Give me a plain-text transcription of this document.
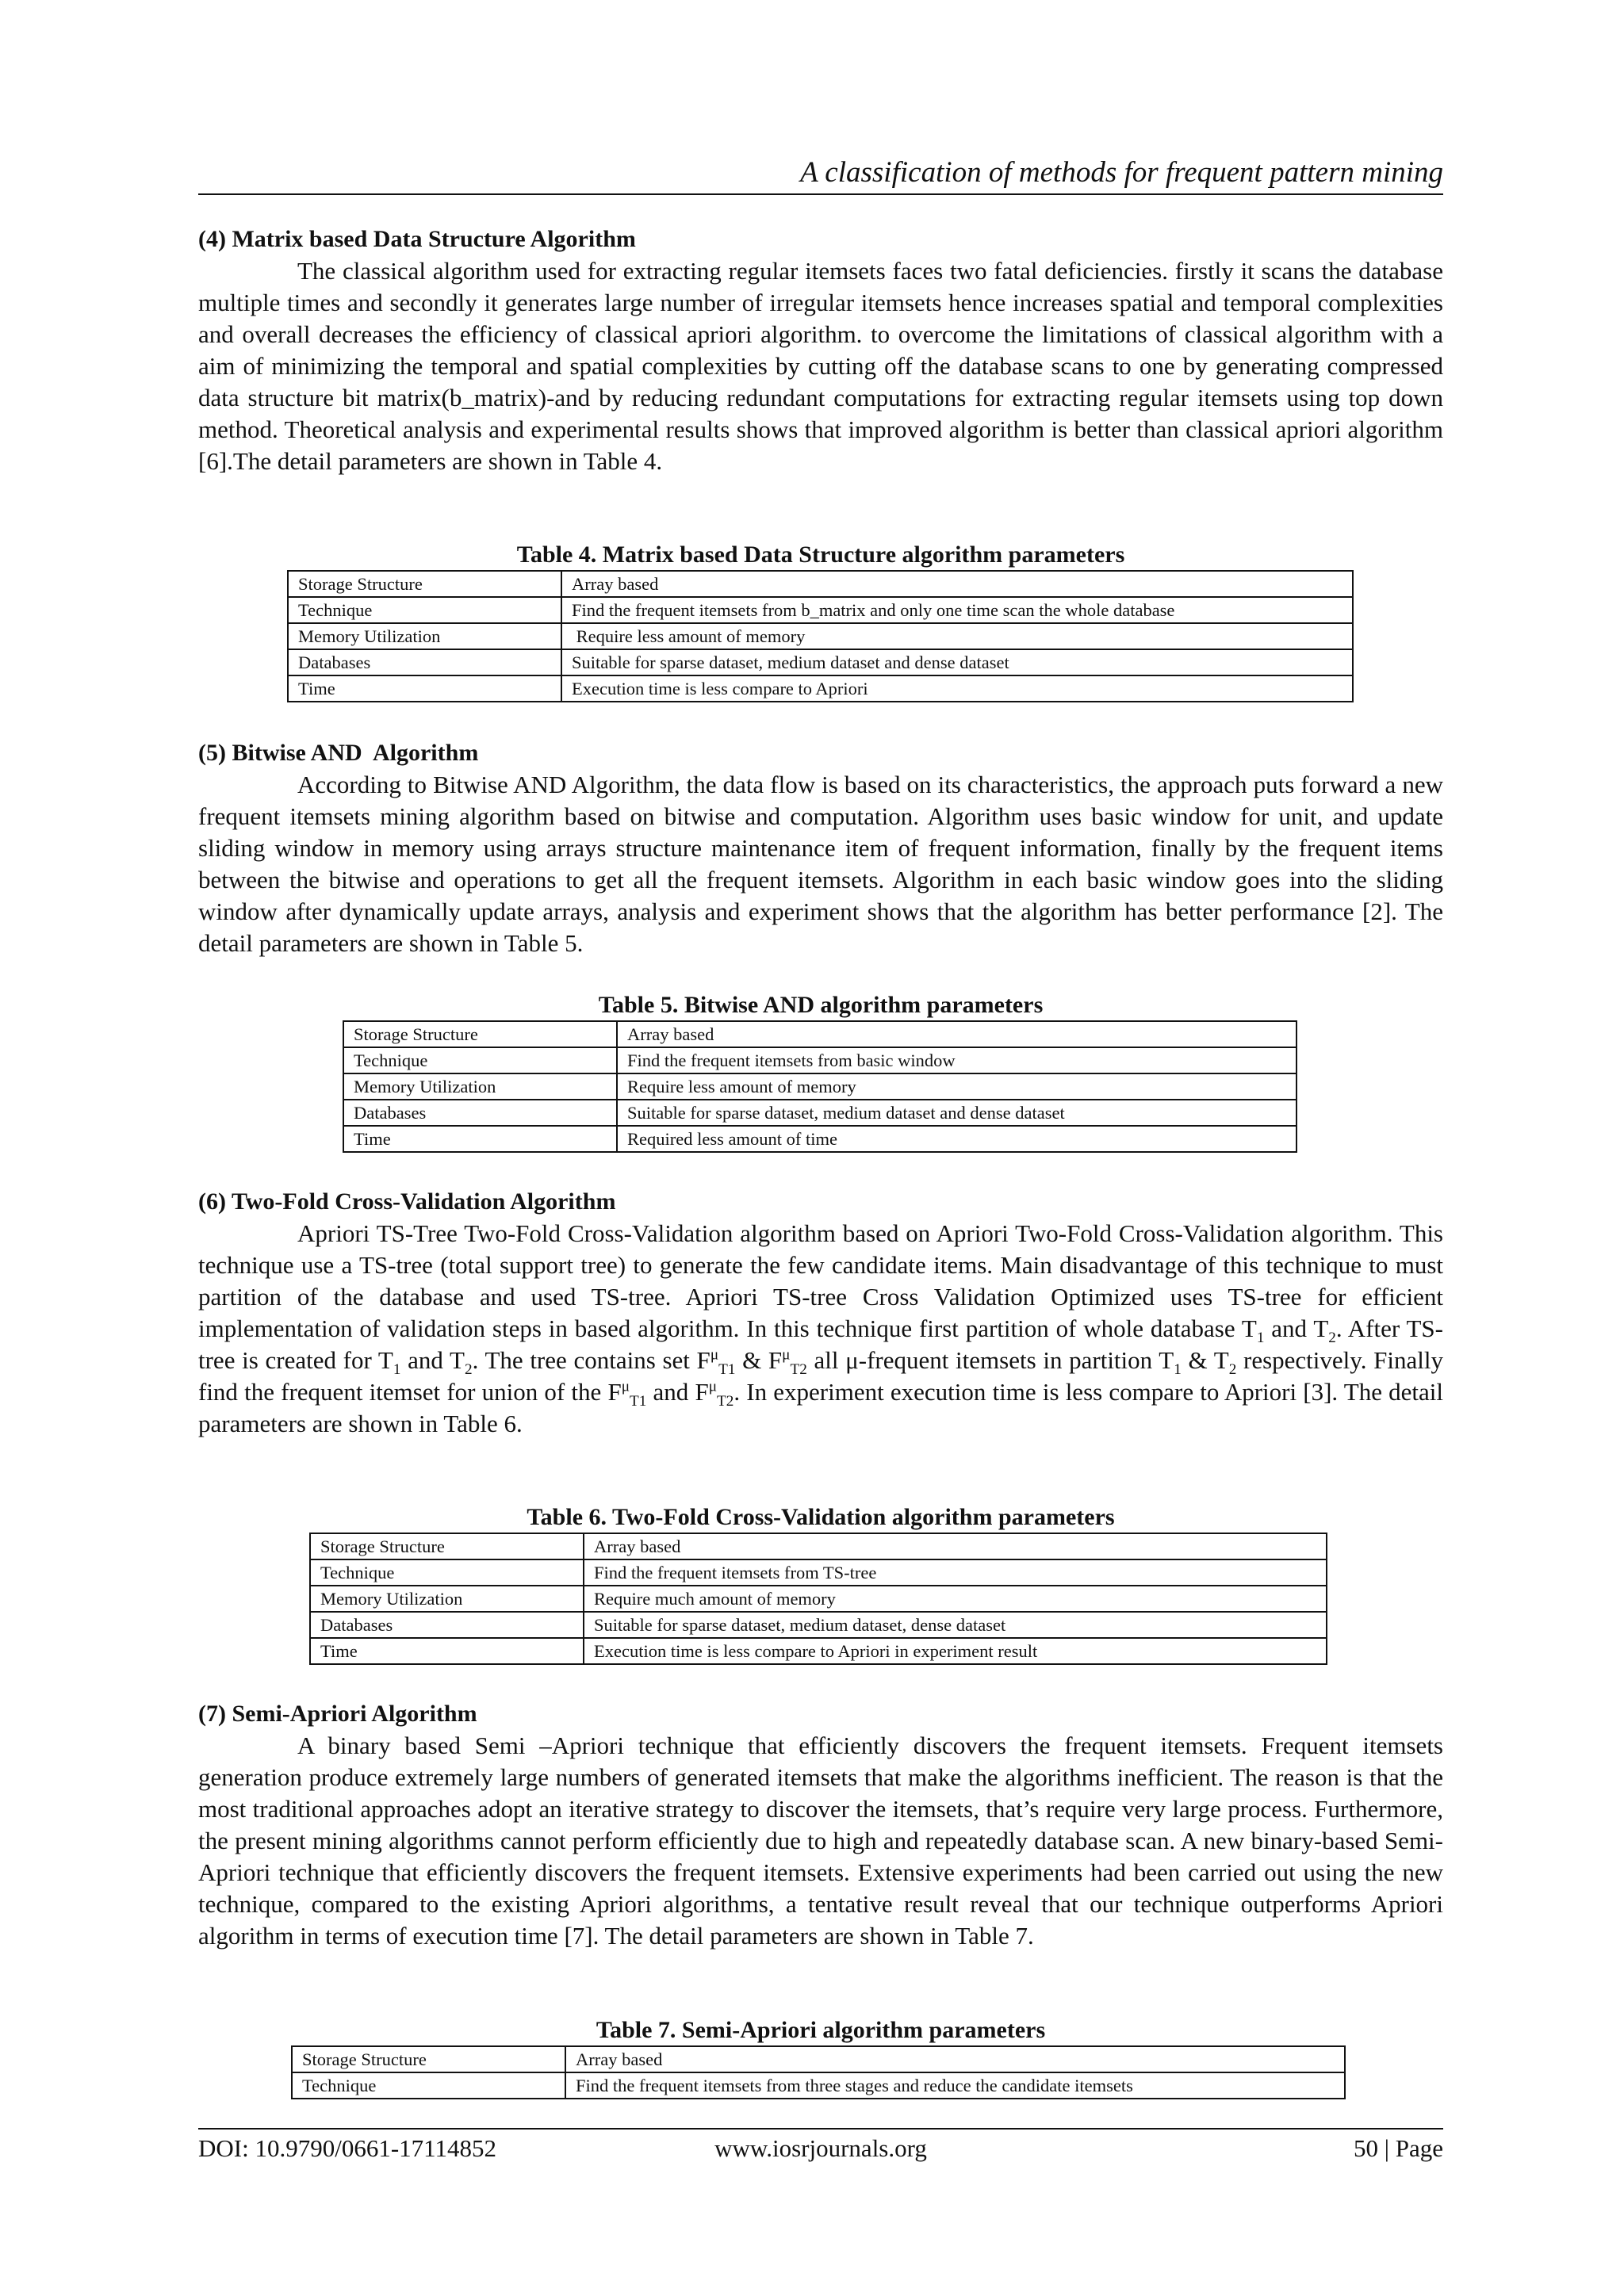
A classification of methods for frequent pattern mining

(4) Matrix based Data Structure Algorithm

The classical algorithm used for extracting regular itemsets faces two fatal deficiencies. firstly it scans the database multiple times and secondly it generates large number of irregular itemsets hence increases spatial and temporal complexities and overall decreases the efficiency of classical apriori algorithm. to overcome the limitations of classical algorithm with a aim of minimizing the temporal and spatial complexities by cutting off the database scans to one by generating compressed data structure bit matrix(b_matrix)-and by reducing redundant computations for extracting regular itemsets using top down method. Theoretical analysis and experimental results shows that improved algorithm is better than classical apriori algorithm [6].The detail parameters are shown in Table 4.

Table 4. Matrix based Data Structure algorithm parameters

Storage Structure	Array based
Technique	Find the frequent itemsets from b_matrix and only one time scan the whole database
Memory Utilization	Require less amount of memory
Databases	Suitable for sparse dataset, medium dataset and dense dataset
Time	Execution time is less compare to Apriori

(5) Bitwise AND  Algorithm

According to Bitwise AND Algorithm, the data flow is based on its characteristics, the approach puts forward a new frequent itemsets mining algorithm based on bitwise and computation. Algorithm uses basic window for unit, and update sliding window in memory using arrays structure maintenance item of frequent information, finally by the frequent items between the bitwise and operations to get all the frequent itemsets. Algorithm in each basic window goes into the sliding window after dynamically update arrays, analysis and experiment shows that the algorithm has better performance [2]. The detail parameters are shown in Table 5.

Table 5. Bitwise AND algorithm parameters

Storage Structure	Array based
Technique	Find the frequent itemsets from basic window
Memory Utilization	Require less amount of memory
Databases	Suitable for sparse dataset, medium dataset and dense dataset
Time	Required less amount of time

(6) Two-Fold Cross-Validation Algorithm

Apriori TS-Tree Two-Fold Cross-Validation algorithm based on Apriori Two-Fold Cross-Validation algorithm. This technique use a TS-tree (total support tree) to generate the few candidate items. Main disadvantage of this technique to must partition of the database and used TS-tree. Apriori TS-tree Cross Validation Optimized uses TS-tree for efficient implementation of validation steps in based algorithm. In this technique first partition of whole database $T_1$ and $T_2$. After TS-tree is created for $T_1$ and $T_2$. The tree contains set $F^\mu_{T1}$ & $F^\mu_{T2}$ all μ-frequent itemsets in partition $T_1$ & $T_2$ respectively. Finally find the frequent itemset for union of the $F^\mu_{T1}$ and $F^\mu_{T2}$. In experiment execution time is less compare to Apriori [3]. The detail parameters are shown in Table 6.

Table 6. Two-Fold Cross-Validation algorithm parameters

Storage Structure	Array based
Technique	Find the frequent itemsets from TS-tree
Memory Utilization	Require much amount of memory
Databases	Suitable for sparse dataset, medium dataset, dense dataset
Time	Execution time is less compare to Apriori in experiment result

(7) Semi-Apriori Algorithm

A binary based Semi –Apriori technique that efficiently discovers the frequent itemsets. Frequent itemsets generation produce extremely large numbers of generated itemsets that make the algorithms inefficient. The reason is that the most traditional approaches adopt an iterative strategy to discover the itemsets, that’s require very large process. Furthermore, the present mining algorithms cannot perform efficiently due to high and repeatedly database scan. A new binary-based Semi-Apriori technique that efficiently discovers the frequent itemsets. Extensive experiments had been carried out using the new technique, compared to the existing Apriori algorithms, a tentative result reveal that our technique outperforms Apriori algorithm in terms of execution time [7]. The detail parameters are shown in Table 7.

Table 7. Semi-Apriori algorithm parameters

Storage Structure	Array based
Technique	Find the frequent itemsets from three stages and reduce the candidate itemsets
DOI: 10.9790/0661-17114852	www.iosrjournals.org	50 | Page
